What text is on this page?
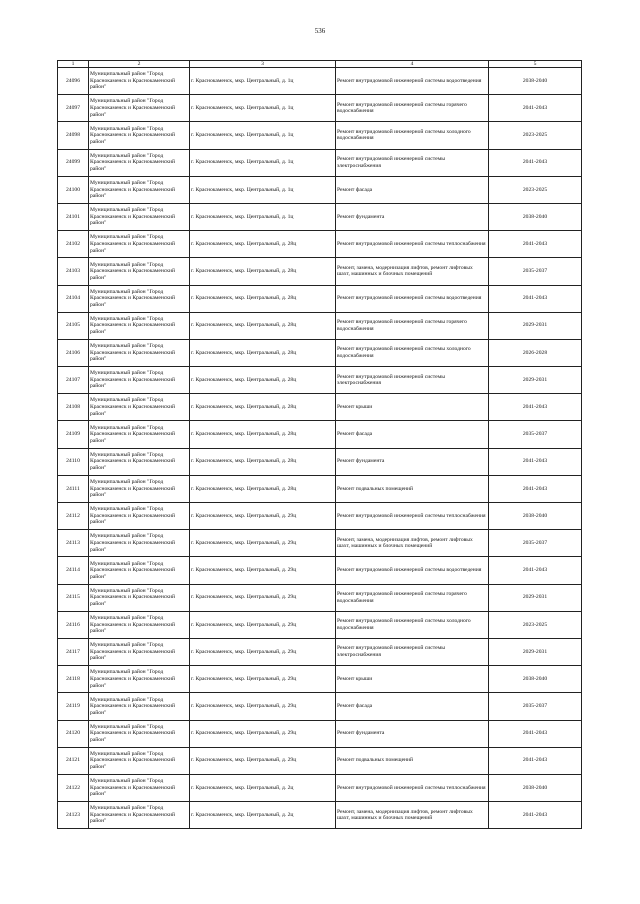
536
1	2	3	4	5
24096	Муниципальный район "Город Краснокаменск и Краснокаменский район"	г. Краснокаменск, мкр. Центральный, д. 1ц	Ремонт внутридомовой инженерной системы водоотведения	2038-2040
24097	Муниципальный район "Город Краснокаменск и Краснокаменский район"	г. Краснокаменск, мкр. Центральный, д. 1ц	Ремонт внутридомовой инженерной системы горячего водоснабжения	2041-2043
24098	Муниципальный район "Город Краснокаменск и Краснокаменский район"	г. Краснокаменск, мкр. Центральный, д. 1ц	Ремонт внутридомовой инженерной системы холодного водоснабжения	2023-2025
24099	Муниципальный район "Город Краснокаменск и Краснокаменский район"	г. Краснокаменск, мкр. Центральный, д. 1ц	Ремонт внутридомовой инженерной системы электроснабжения	2041-2043
24100	Муниципальный район "Город Краснокаменск и Краснокаменский район"	г. Краснокаменск, мкр. Центральный, д. 1ц	Ремонт фасада	2023-2025
24101	Муниципальный район "Город Краснокаменск и Краснокаменский район"	г. Краснокаменск, мкр. Центральный, д. 1ц	Ремонт фундамента	2038-2040
24102	Муниципальный район "Город Краснокаменск и Краснокаменский район"	г. Краснокаменск, мкр. Центральный, д. 28ц	Ремонт внутридомовой инженерной системы теплоснабжения	2041-2043
24103	Муниципальный район "Город Краснокаменск и Краснокаменский район"	г. Краснокаменск, мкр. Центральный, д. 28ц	Ремонт, замена, модернизация лифтов, ремонт лифтовых шахт, машинных и блочных помещений	2035-2037
24104	Муниципальный район "Город Краснокаменск и Краснокаменский район"	г. Краснокаменск, мкр. Центральный, д. 28ц	Ремонт внутридомовой инженерной системы водоотведения	2041-2043
24105	Муниципальный район "Город Краснокаменск и Краснокаменский район"	г. Краснокаменск, мкр. Центральный, д. 28ц	Ремонт внутридомовой инженерной системы горячего водоснабжения	2029-2031
24106	Муниципальный район "Город Краснокаменск и Краснокаменский район"	г. Краснокаменск, мкр. Центральный, д. 28ц	Ремонт внутридомовой инженерной системы холодного водоснабжения	2026-2028
24107	Муниципальный район "Город Краснокаменск и Краснокаменский район"	г. Краснокаменск, мкр. Центральный, д. 28ц	Ремонт внутридомовой инженерной системы электроснабжения	2029-2031
24108	Муниципальный район "Город Краснокаменск и Краснокаменский район"	г. Краснокаменск, мкр. Центральный, д. 28ц	Ремонт крыши	2041-2043
24109	Муниципальный район "Город Краснокаменск и Краснокаменский район"	г. Краснокаменск, мкр. Центральный, д. 28ц	Ремонт фасада	2035-2037
24110	Муниципальный район "Город Краснокаменск и Краснокаменский район"	г. Краснокаменск, мкр. Центральный, д. 28ц	Ремонт фундамента	2041-2043
24111	Муниципальный район "Город Краснокаменск и Краснокаменский район"	г. Краснокаменск, мкр. Центральный, д. 28ц	Ремонт подвальных помещений	2041-2043
24112	Муниципальный район "Город Краснокаменск и Краснокаменский район"	г. Краснокаменск, мкр. Центральный, д. 29ц	Ремонт внутридомовой инженерной системы теплоснабжения	2038-2040
24113	Муниципальный район "Город Краснокаменск и Краснокаменский район"	г. Краснокаменск, мкр. Центральный, д. 29ц	Ремонт, замена, модернизация лифтов, ремонт лифтовых шахт, машинных и блочных помещений	2035-2037
24114	Муниципальный район "Город Краснокаменск и Краснокаменский район"	г. Краснокаменск, мкр. Центральный, д. 29ц	Ремонт внутридомовой инженерной системы водоотведения	2041-2043
24115	Муниципальный район "Город Краснокаменск и Краснокаменский район"	г. Краснокаменск, мкр. Центральный, д. 29ц	Ремонт внутридомовой инженерной системы горячего водоснабжения	2029-2031
24116	Муниципальный район "Город Краснокаменск и Краснокаменский район"	г. Краснокаменск, мкр. Центральный, д. 29ц	Ремонт внутридомовой инженерной системы холодного водоснабжения	2023-2025
24117	Муниципальный район "Город Краснокаменск и Краснокаменский район"	г. Краснокаменск, мкр. Центральный, д. 29ц	Ремонт внутридомовой инженерной системы электроснабжения	2029-2031
24118	Муниципальный район "Город Краснокаменск и Краснокаменский район"	г. Краснокаменск, мкр. Центральный, д. 29ц	Ремонт крыши	2038-2040
24119	Муниципальный район "Город Краснокаменск и Краснокаменский район"	г. Краснокаменск, мкр. Центральный, д. 29ц	Ремонт фасада	2035-2037
24120	Муниципальный район "Город Краснокаменск и Краснокаменский район"	г. Краснокаменск, мкр. Центральный, д. 29ц	Ремонт фундамента	2041-2043
24121	Муниципальный район "Город Краснокаменск и Краснокаменский район"	г. Краснокаменск, мкр. Центральный, д. 29ц	Ремонт подвальных помещений	2041-2043
24122	Муниципальный район "Город Краснокаменск и Краснокаменский район"	г. Краснокаменск, мкр. Центральный, д. 2ц	Ремонт внутридомовой инженерной системы теплоснабжения	2038-2040
24123	Муниципальный район "Город Краснокаменск и Краснокаменский район"	г. Краснокаменск, мкр. Центральный, д. 2ц	Ремонт, замена, модернизация лифтов, ремонт лифтовых шахт, машинных и блочных помещений	2041-2043
